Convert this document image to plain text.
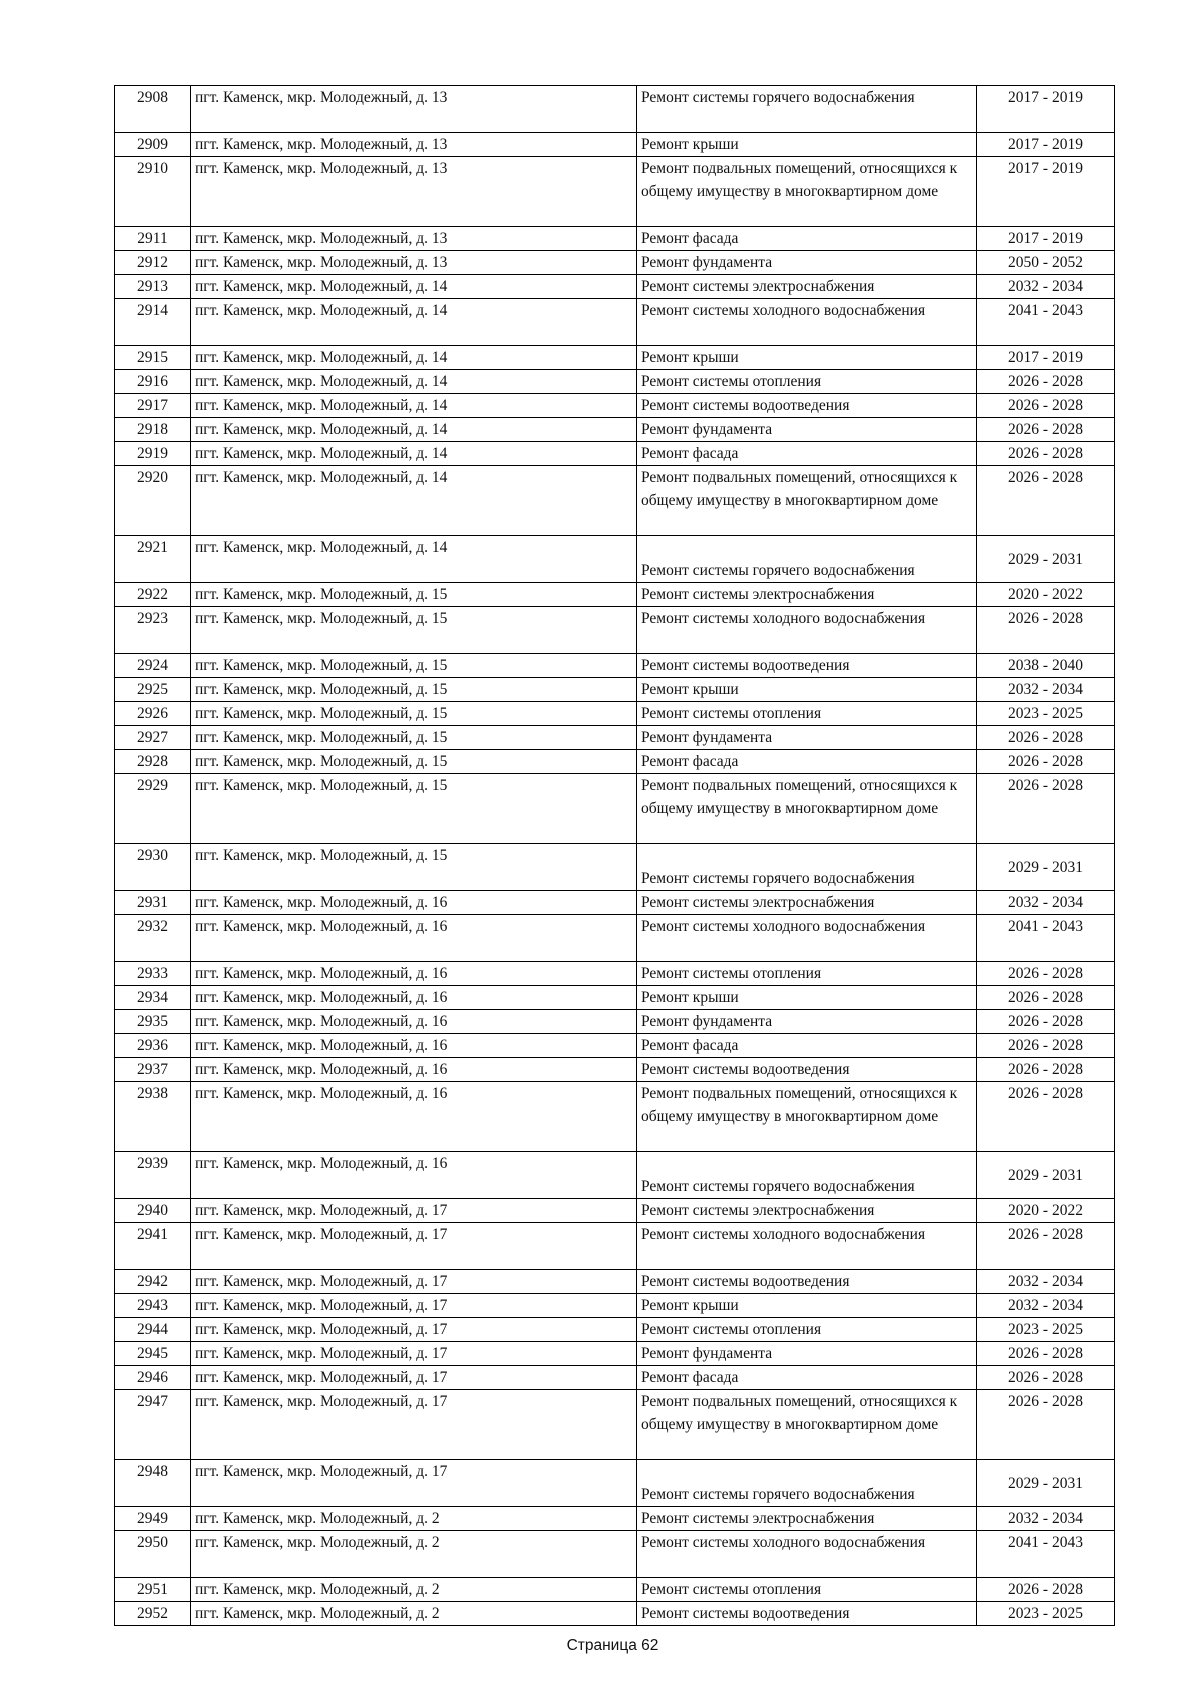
2908	пгт. Каменск, мкр. Молодежный, д. 13	Ремонт системы горячего водоснабжения	2017 - 2019
2909	пгт. Каменск, мкр. Молодежный, д. 13	Ремонт крыши	2017 - 2019
2910	пгт. Каменск, мкр. Молодежный, д. 13	Ремонт подвальных помещений, относящихся к общему имуществу в многоквартирном доме	2017 - 2019
2911	пгт. Каменск, мкр. Молодежный, д. 13	Ремонт фасада	2017 - 2019
2912	пгт. Каменск, мкр. Молодежный, д. 13	Ремонт фундамента	2050 - 2052
2913	пгт. Каменск, мкр. Молодежный, д. 14	Ремонт системы электроснабжения	2032 - 2034
2914	пгт. Каменск, мкр. Молодежный, д. 14	Ремонт системы холодного водоснабжения	2041 - 2043
2915	пгт. Каменск, мкр. Молодежный, д. 14	Ремонт крыши	2017 - 2019
2916	пгт. Каменск, мкр. Молодежный, д. 14	Ремонт системы отопления	2026 - 2028
2917	пгт. Каменск, мкр. Молодежный, д. 14	Ремонт системы водоотведения	2026 - 2028
2918	пгт. Каменск, мкр. Молодежный, д. 14	Ремонт фундамента	2026 - 2028
2919	пгт. Каменск, мкр. Молодежный, д. 14	Ремонт фасада	2026 - 2028
2920	пгт. Каменск, мкр. Молодежный, д. 14	Ремонт подвальных помещений, относящихся к общему имуществу в многоквартирном доме	2026 - 2028
2921	пгт. Каменск, мкр. Молодежный, д. 14	Ремонт системы горячего водоснабжения	2029 - 2031
2922	пгт. Каменск, мкр. Молодежный, д. 15	Ремонт системы электроснабжения	2020 - 2022
2923	пгт. Каменск, мкр. Молодежный, д. 15	Ремонт системы холодного водоснабжения	2026 - 2028
2924	пгт. Каменск, мкр. Молодежный, д. 15	Ремонт системы водоотведения	2038 - 2040
2925	пгт. Каменск, мкр. Молодежный, д. 15	Ремонт крыши	2032 - 2034
2926	пгт. Каменск, мкр. Молодежный, д. 15	Ремонт системы отопления	2023 - 2025
2927	пгт. Каменск, мкр. Молодежный, д. 15	Ремонт фундамента	2026 - 2028
2928	пгт. Каменск, мкр. Молодежный, д. 15	Ремонт фасада	2026 - 2028
2929	пгт. Каменск, мкр. Молодежный, д. 15	Ремонт подвальных помещений, относящихся к общему имуществу в многоквартирном доме	2026 - 2028
2930	пгт. Каменск, мкр. Молодежный, д. 15	Ремонт системы горячего водоснабжения	2029 - 2031
2931	пгт. Каменск, мкр. Молодежный, д. 16	Ремонт системы электроснабжения	2032 - 2034
2932	пгт. Каменск, мкр. Молодежный, д. 16	Ремонт системы холодного водоснабжения	2041 - 2043
2933	пгт. Каменск, мкр. Молодежный, д. 16	Ремонт системы отопления	2026 - 2028
2934	пгт. Каменск, мкр. Молодежный, д. 16	Ремонт крыши	2026 - 2028
2935	пгт. Каменск, мкр. Молодежный, д. 16	Ремонт фундамента	2026 - 2028
2936	пгт. Каменск, мкр. Молодежный, д. 16	Ремонт фасада	2026 - 2028
2937	пгт. Каменск, мкр. Молодежный, д. 16	Ремонт системы водоотведения	2026 - 2028
2938	пгт. Каменск, мкр. Молодежный, д. 16	Ремонт подвальных помещений, относящихся к общему имуществу в многоквартирном доме	2026 - 2028
2939	пгт. Каменск, мкр. Молодежный, д. 16	Ремонт системы горячего водоснабжения	2029 - 2031
2940	пгт. Каменск, мкр. Молодежный, д. 17	Ремонт системы электроснабжения	2020 - 2022
2941	пгт. Каменск, мкр. Молодежный, д. 17	Ремонт системы холодного водоснабжения	2026 - 2028
2942	пгт. Каменск, мкр. Молодежный, д. 17	Ремонт системы водоотведения	2032 - 2034
2943	пгт. Каменск, мкр. Молодежный, д. 17	Ремонт крыши	2032 - 2034
2944	пгт. Каменск, мкр. Молодежный, д. 17	Ремонт системы отопления	2023 - 2025
2945	пгт. Каменск, мкр. Молодежный, д. 17	Ремонт фундамента	2026 - 2028
2946	пгт. Каменск, мкр. Молодежный, д. 17	Ремонт фасада	2026 - 2028
2947	пгт. Каменск, мкр. Молодежный, д. 17	Ремонт подвальных помещений, относящихся к общему имуществу в многоквартирном доме	2026 - 2028
2948	пгт. Каменск, мкр. Молодежный, д. 17	Ремонт системы горячего водоснабжения	2029 - 2031
2949	пгт. Каменск, мкр. Молодежный, д. 2	Ремонт системы электроснабжения	2032 - 2034
2950	пгт. Каменск, мкр. Молодежный, д. 2	Ремонт системы холодного водоснабжения	2041 - 2043
2951	пгт. Каменск, мкр. Молодежный, д. 2	Ремонт системы отопления	2026 - 2028
2952	пгт. Каменск, мкр. Молодежный, д. 2	Ремонт системы водоотведения	2023 - 2025
Страница 62
